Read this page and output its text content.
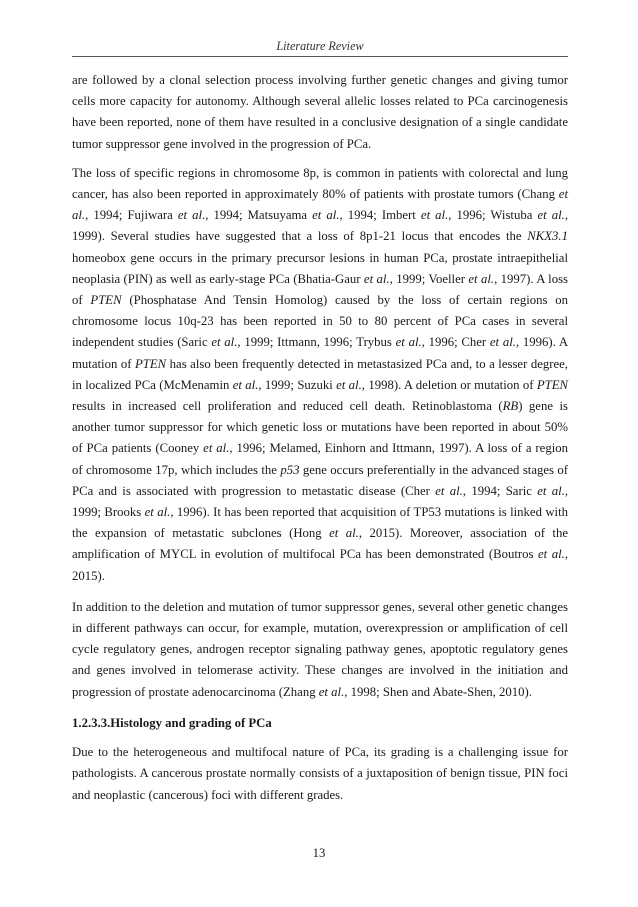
Literature Review

are followed by a clonal selection process involving further genetic changes and giving tumor cells more capacity for autonomy. Although several allelic losses related to PCa carcinogenesis have been reported, none of them have resulted in a conclusive designation of a single candidate tumor suppressor gene involved in the progression of PCa.

The loss of specific regions in chromosome 8p, is common in patients with colorectal and lung cancer, has also been reported in approximately 80% of patients with prostate tumors (Chang et al., 1994; Fujiwara et al., 1994; Matsuyama et al., 1994; Imbert et al., 1996; Wistuba et al., 1999). Several studies have suggested that a loss of 8p1-21 locus that encodes the NKX3.1 homeobox gene occurs in the primary precursor lesions in human PCa, prostate intraepithelial neoplasia (PIN) as well as early-stage PCa (Bhatia-Gaur et al., 1999; Voeller et al., 1997). A loss of PTEN (Phosphatase And Tensin Homolog) caused by the loss of certain regions on chromosome locus 10q-23 has been reported in 50 to 80 percent of PCa cases in several independent studies (Saric et al., 1999; Ittmann, 1996; Trybus et al., 1996; Cher et al., 1996). A mutation of PTEN has also been frequently detected in metastasized PCa and, to a lesser degree, in localized PCa (McMenamin et al., 1999; Suzuki et al., 1998). A deletion or mutation of PTEN results in increased cell proliferation and reduced cell death. Retinoblastoma (RB) gene is another tumor suppressor for which genetic loss or mutations have been reported in about 50% of PCa patients (Cooney et al., 1996; Melamed, Einhorn and Ittmann, 1997). A loss of a region of chromosome 17p, which includes the p53 gene occurs preferentially in the advanced stages of PCa and is associated with progression to metastatic disease (Cher et al., 1994; Saric et al., 1999; Brooks et al., 1996). It has been reported that acquisition of TP53 mutations is linked with the expansion of metastatic subclones (Hong et al., 2015). Moreover, association of the amplification of MYCL in evolution of multifocal PCa has been demonstrated (Boutros et al., 2015).

In addition to the deletion and mutation of tumor suppressor genes, several other genetic changes in different pathways can occur, for example, mutation, overexpression or amplification of cell cycle regulatory genes, androgen receptor signaling pathway genes, apoptotic regulatory genes and genes involved in telomerase activity. These changes are involved in the initiation and progression of prostate adenocarcinoma (Zhang et al., 1998; Shen and Abate-Shen, 2010).

1.2.3.3.Histology and grading of PCa

Due to the heterogeneous and multifocal nature of PCa, its grading is a challenging issue for pathologists. A cancerous prostate normally consists of a juxtaposition of benign tissue, PIN foci and neoplastic (cancerous) foci with different grades.

13
